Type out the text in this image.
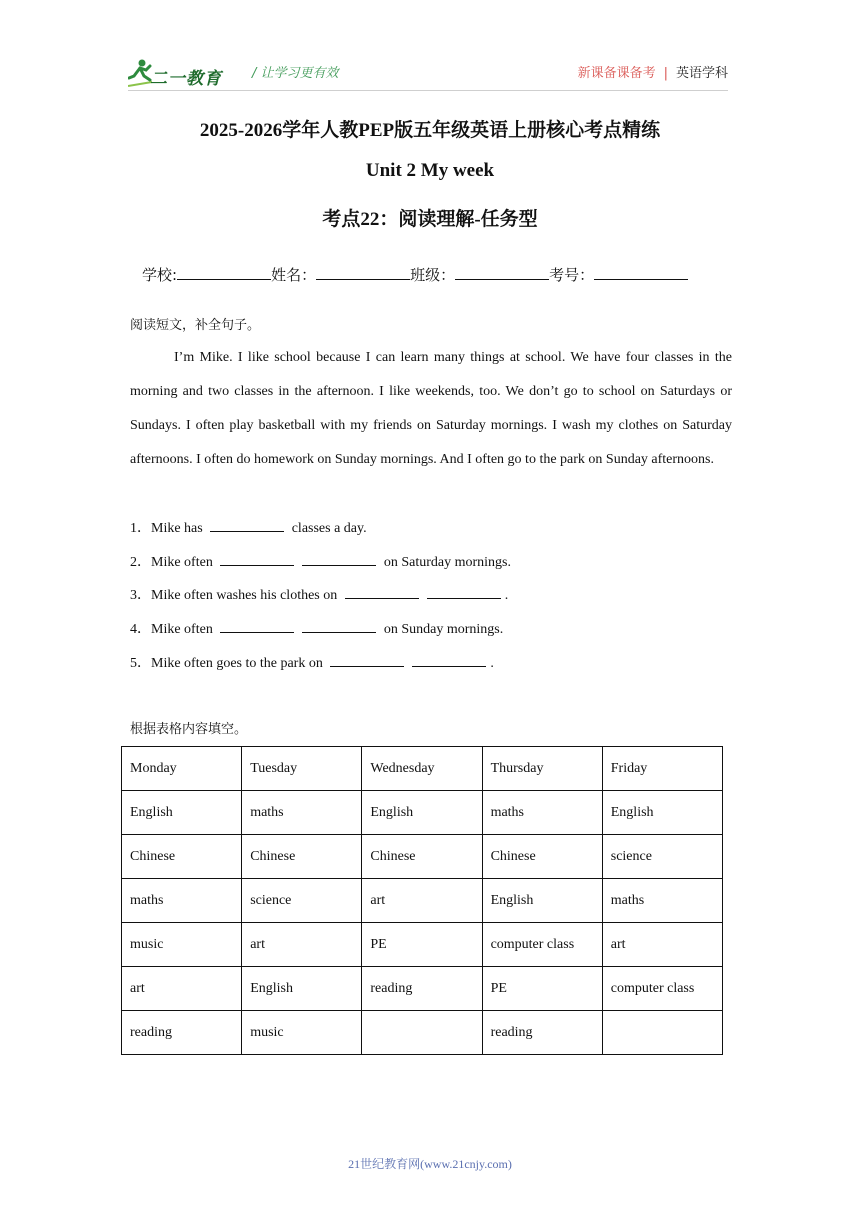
二一教育 / 让学习更有效	新课备课备考 | 英语学科
2025-2026学年人教PEP版五年级英语上册核心考点精练
Unit 2 My week
考点22：阅读理解-任务型
学校:	姓名：	班级：	考号：
阅读短文，补全句子。
I’m Mike. I like school because I can learn many things at school. We have four classes in the morning and two classes in the afternoon. I like weekends, too. We don’t go to school on Saturdays or Sundays. I often play basketball with my friends on Saturday mornings. I wash my clothes on Saturday afternoons. I often do homework on Sunday mornings. And I often go to the park on Sunday afternoons.
1．Mike has	classes a day.
2．Mike often	on Saturday mornings.
3．Mike often washes his clothes on	.
4．Mike often	on Sunday mornings.
5．Mike often goes to the park on	.
根据表格内容填空。
Monday	Tuesday	Wednesday	Thursday	Friday
English	maths	English	maths	English
Chinese	Chinese	Chinese	Chinese	science
maths	science	art	English	maths
music	art	PE	computer class	art
art	English	reading	PE	computer class
reading	music		reading	
21世纪教育网(www.21cnjy.com)
